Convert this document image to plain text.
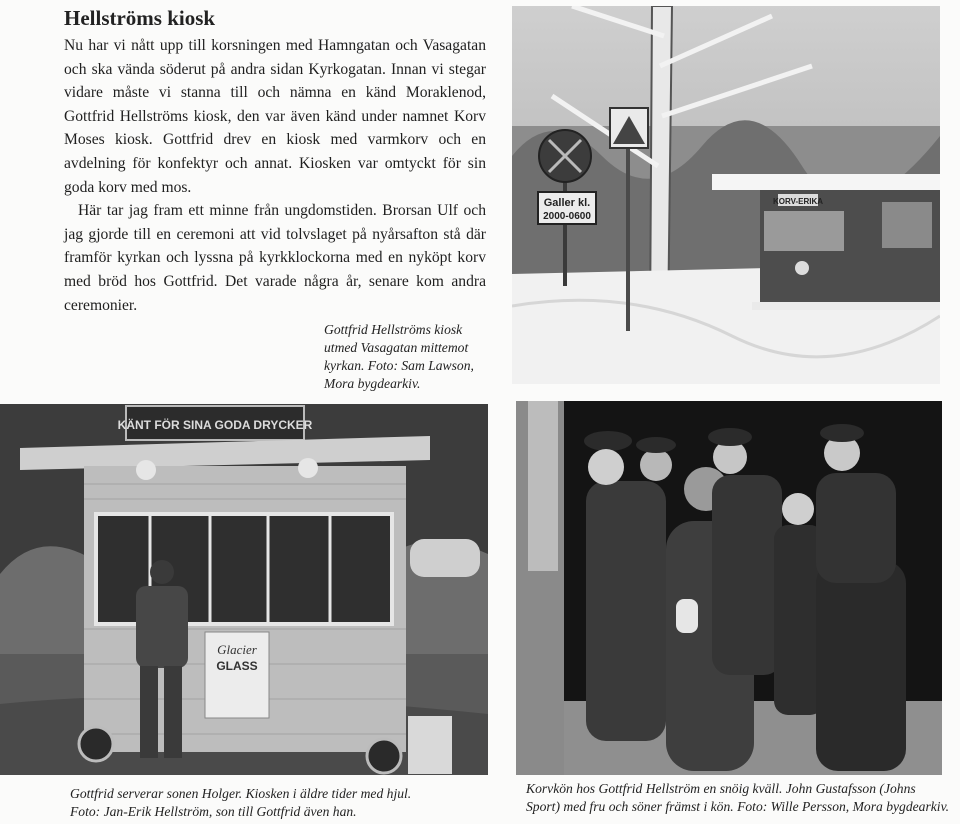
Hellströms kiosk

Nu har vi nått upp till korsningen med Hamngatan och Vasagatan och ska vända söderut på andra sidan Kyrkogatan. Innan vi stegar vidare måste vi stanna till och nämna en känd Moraklenod, Gottfrid Hellströms kiosk, den var även känd under namnet Korv Moses kiosk. Gottfrid drev en kiosk med varmkorv och en avdelning för konfektyr och annat. Kiosken var omtyckt för sin goda korv med mos.

Här tar jag fram ett minne från ungdomstiden. Brorsan Ulf och jag gjorde till en ceremoni att vid tolvslaget på nyårsafton stå där framför kyrkan och lyssna på kyrkklockorna med en nyköpt korv med bröd hos Gottfrid. Det varade några år, senare kom andra ceremonier.

Galler kl.
2000-0600
KORV-ERIKA
Gottfrid Hellströms kiosk utmed Vasagatan mittemot kyrkan. Foto: Sam Lawson, Mora bygdearkiv.
KÄNT FÖR SINA GODA DRYCKER
Glacier
GLASS
Gottfrid serverar sonen Holger. Kiosken i äldre tider med hjul. Foto: Jan-Erik Hellström, son till Gottfrid även han.
Korvkön hos Gottfrid Hellström en snöig kväll. John Gustafsson (Johns Sport) med fru och söner främst i kön. Foto: Wille Persson, Mora bygdearkiv.
